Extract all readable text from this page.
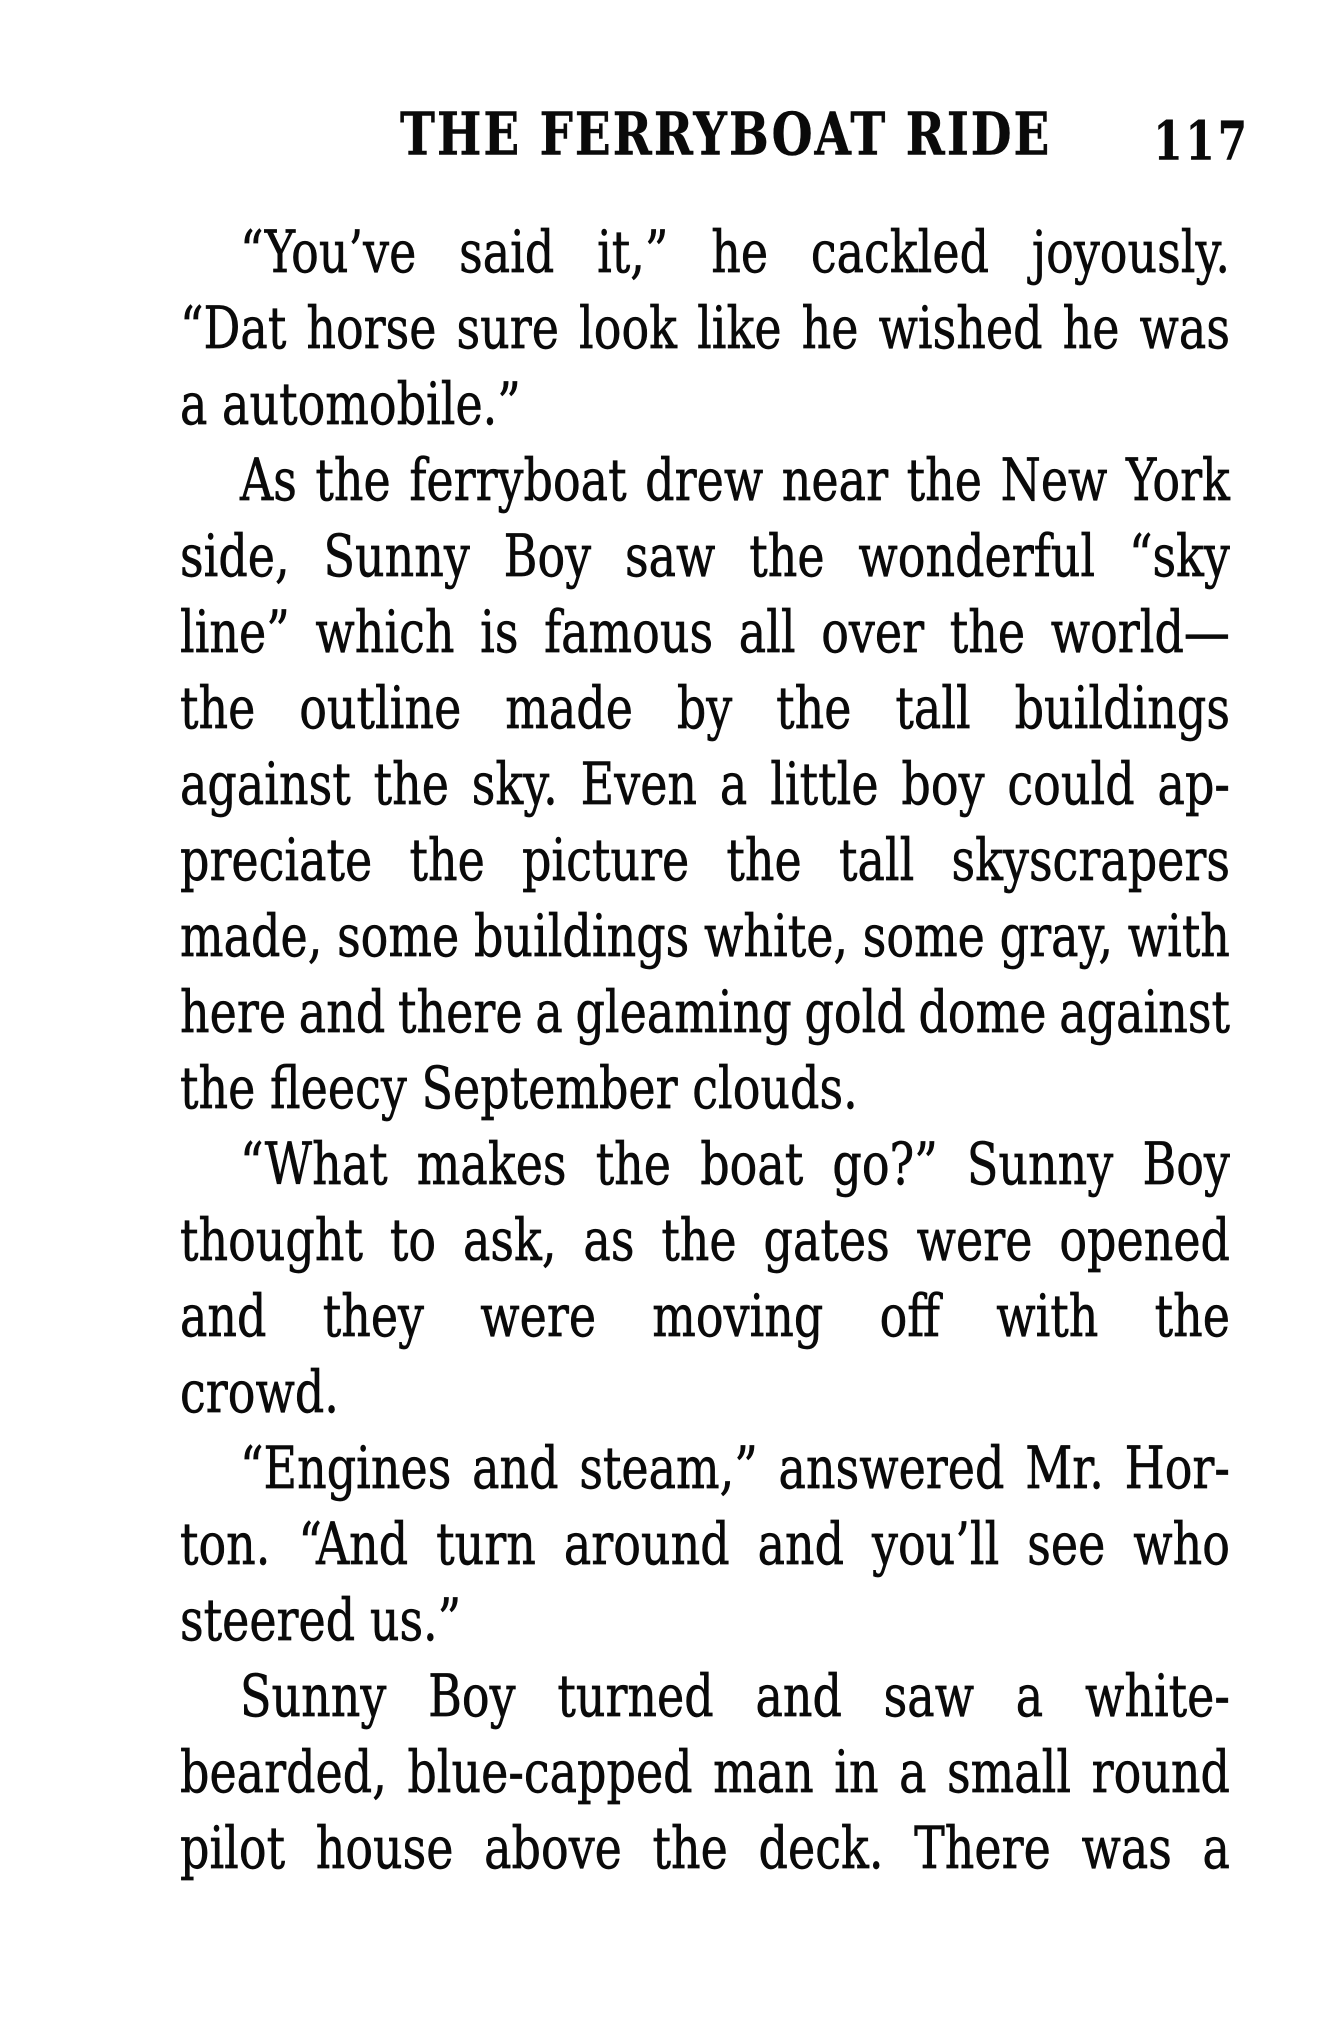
THE FERRYBOAT RIDE 117
“You’ve said it,” he cackled joyously.
“Dat horse sure look like he wished he was
a automobile.”
As the ferryboat drew near the New York
side, Sunny Boy saw the wonderful “sky
line” which is famous all over the world—
the outline made by the tall buildings
against the sky. Even a little boy could ap-
preciate the picture the tall skyscrapers
made, some buildings white, some gray, with
here and there a gleaming gold dome against
the fleecy September clouds.
“What makes the boat go?” Sunny Boy
thought to ask, as the gates were opened
and they were moving off with the
crowd.
“Engines and steam,” answered Mr. Hor-
ton. “And turn around and you’ll see who
steered us.”
Sunny Boy turned and saw a white-
bearded, blue-capped man in a small round
pilot house above the deck. There was a
